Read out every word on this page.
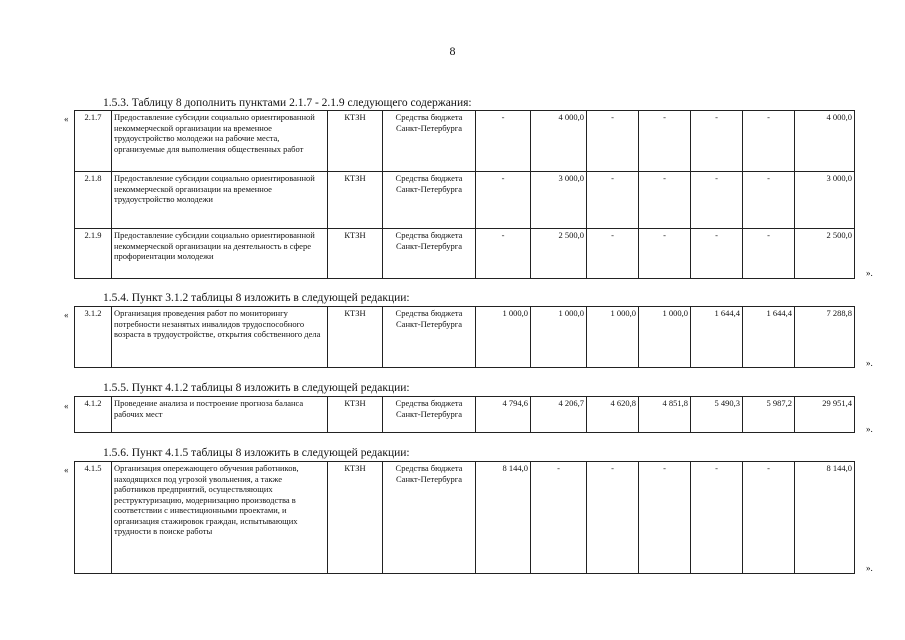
8
1.5.3. Таблицу 8 дополнить пунктами 2.1.7 - 2.1.9 следующего содержания:
« 2.1.7	Предоставление субсидии социально ориентированной некоммерческой организации на временное трудоустройство молодежи на рабочие места, организуемые для выполнения общественных работ	КТЗН	Средства бюджета Санкт-Петербурга	-	4 000,0	-	-	-	-	4 000,0
2.1.8	Предоставление субсидии социально ориентированной некоммерческой организации на временное трудоустройство молодежи	КТЗН	Средства бюджета Санкт-Петербурга	-	3 000,0	-	-	-	-	3 000,0
2.1.9	Предоставление субсидии социально ориентированной некоммерческой организации на деятельность в сфере профориентации молодежи	КТЗН	Средства бюджета Санкт-Петербурга	-	2 500,0	-	-	-	-	2 500,0
».
1.5.4. Пункт 3.1.2 таблицы 8 изложить в следующей редакции:
« 3.1.2	Организация проведения работ по мониторингу потребности незанятых инвалидов трудоспособного возраста в трудоустройстве, открытия собственного дела	КТЗН	Средства бюджета Санкт-Петербурга	1 000,0	1 000,0	1 000,0	1 000,0	1 644,4	1 644,4	7 288,8
».
1.5.5. Пункт 4.1.2 таблицы 8 изложить в следующей редакции:
« 4.1.2	Проведение анализа и построение прогноза баланса рабочих мест	КТЗН	Средства бюджета Санкт-Петербурга	4 794,6	4 206,7	4 620,8	4 851,8	5 490,3	5 987,2	29 951,4
».
1.5.6. Пункт 4.1.5 таблицы 8 изложить в следующей редакции:
« 4.1.5	Организация опережающего обучения работников, находящихся под угрозой увольнения, а также работников предприятий, осуществляющих реструктуризацию, модернизацию производства в соответствии с инвестиционными проектами, и организация стажировок граждан, испытывающих трудности в поиске работы	КТЗН	Средства бюджета Санкт-Петербурга	8 144,0	-	-	-	-	-	8 144,0
».
